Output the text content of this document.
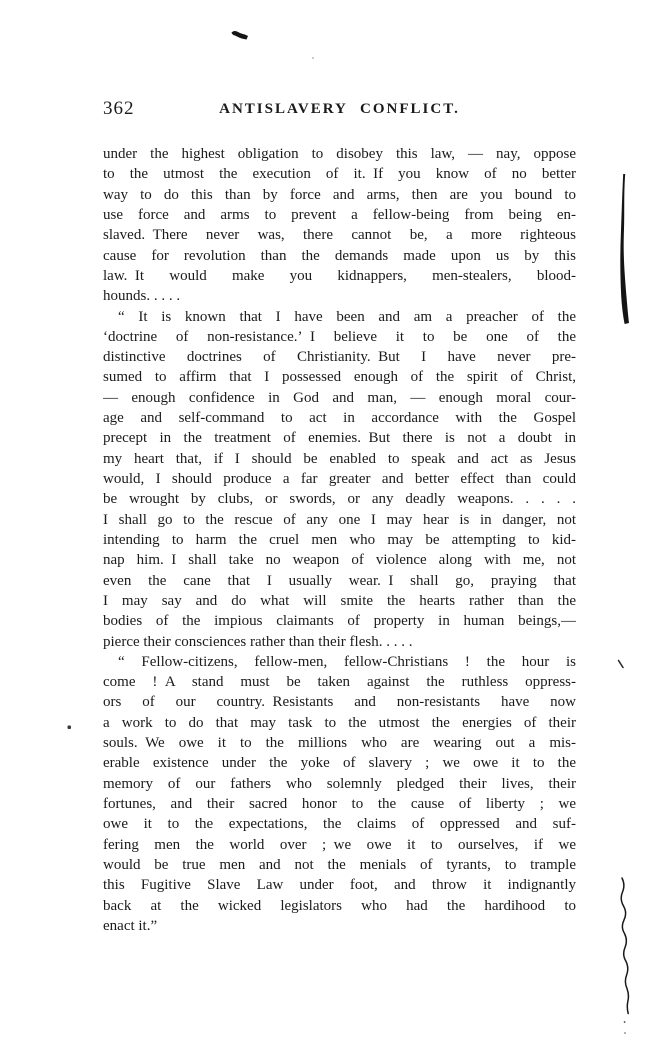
362	ANTISLAVERY CONFLICT.
under the highest obligation to disobey this law, — nay, oppose
to the utmost the execution of it. If you know of no better
way to do this than by force and arms, then are you bound to
use force and arms to prevent a fellow-being from being en-
slaved. There never was, there cannot be, a more righteous
cause for revolution than the demands made upon us by this
law. It would make you kidnappers, men-stealers, blood-
hounds. . . . .
“ It is known that I have been and am a preacher of the
‘doctrine of non-resistance.’ I believe it to be one of the
distinctive doctrines of Christianity. But I have never pre-
sumed to affirm that I possessed enough of the spirit of Christ,
— enough confidence in God and man, — enough moral cour-
age and self-command to act in accordance with the Gospel
precept in the treatment of enemies. But there is not a doubt in
my heart that, if I should be enabled to speak and act as Jesus
would, I should produce a far greater and better effect than could
be wrought by clubs, or swords, or any deadly weapons. . . . .
I shall go to the rescue of any one I may hear is in danger, not
intending to harm the cruel men who may be attempting to kid-
nap him. I shall take no weapon of violence along with me, not
even the cane that I usually wear. I shall go, praying that
I may say and do what will smite the hearts rather than the
bodies of the impious claimants of property in human beings,—
pierce their consciences rather than their flesh. . . . .
“ Fellow-citizens, fellow-men, fellow-Christians ! the hour is
come ! A stand must be taken against the ruthless oppress-
ors of our country. Resistants and non-resistants have now
a work to do that may task to the utmost the energies of their
souls. We owe it to the millions who are wearing out a mis-
erable existence under the yoke of slavery ; we owe it to the
memory of our fathers who solemnly pledged their lives, their
fortunes, and their sacred honor to the cause of liberty ; we
owe it to the expectations, the claims of oppressed and suf-
fering men the world over ; we owe it to ourselves, if we
would be true men and not the menials of tyrants, to trample
this Fugitive Slave Law under foot, and throw it indignantly
back at the wicked legislators who had the hardihood to
enact it.”
